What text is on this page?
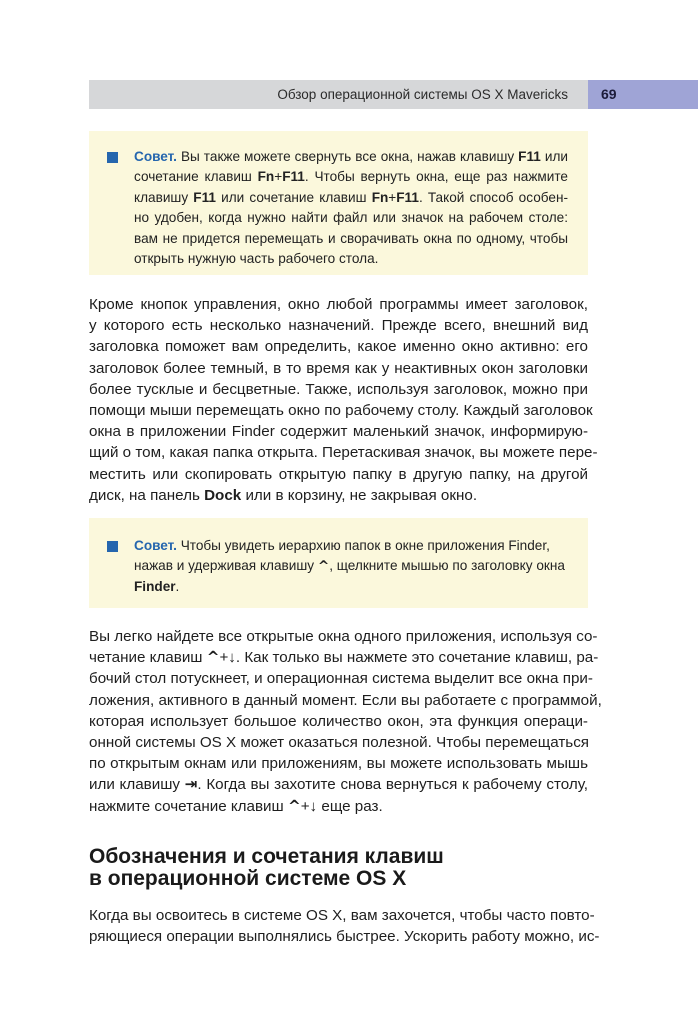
Обзор операционной системы OS X Mavericks 69
Совет. Вы также можете свернуть все окна, нажав клавишу F11 или
сочетание клавиш Fn+F11. Чтобы вернуть окна, еще раз нажмите
клавишу F11 или сочетание клавиш Fn+F11. Такой способ особен-
но удобен, когда нужно найти файл или значок на рабочем столе:
вам не придется перемещать и сворачивать окна по одному, чтобы
открыть нужную часть рабочего стола.
Кроме кнопок управления, окно любой программы имеет заголовок,
у которого есть несколько назначений. Прежде всего, внешний вид
заголовка поможет вам определить, какое именно окно активно: его
заголовок более темный, в то время как у неактивных окон заголовки
более тусклые и бесцветные. Также, используя заголовок, можно при
помощи мыши перемещать окно по рабочему столу. Каждый заголовок
окна в приложении Finder содержит маленький значок, информирую-
щий о том, какая папка открыта. Перетаскивая значок, вы можете пере-
местить или скопировать открытую папку в другую папку, на другой
диск, на панель Dock или в корзину, не закрывая окно.
Совет. Чтобы увидеть иерархию папок в окне приложения Finder,
нажав и удерживая клавишу ^, щелкните мышью по заголовку окна
Finder.
Вы легко найдете все открытые окна одного приложения, используя со-
четание клавиш ^+↓. Как только вы нажмете это сочетание клавиш, ра-
бочий стол потускнеет, и операционная система выделит все окна при-
ложения, активного в данный момент. Если вы работаете с программой,
которая использует большое количество окон, эта функция операци-
онной системы OS X может оказаться полезной. Чтобы перемещаться
по открытым окнам или приложениям, вы можете использовать мышь
или клавишу ⇥. Когда вы захотите снова вернуться к рабочему столу,
нажмите сочетание клавиш ^+↓ еще раз.
Обозначения и сочетания клавиш
в операционной системе OS X
Когда вы освоитесь в системе OS X, вам захочется, чтобы часто повто-
ряющиеся операции выполнялись быстрее. Ускорить работу можно, ис-
